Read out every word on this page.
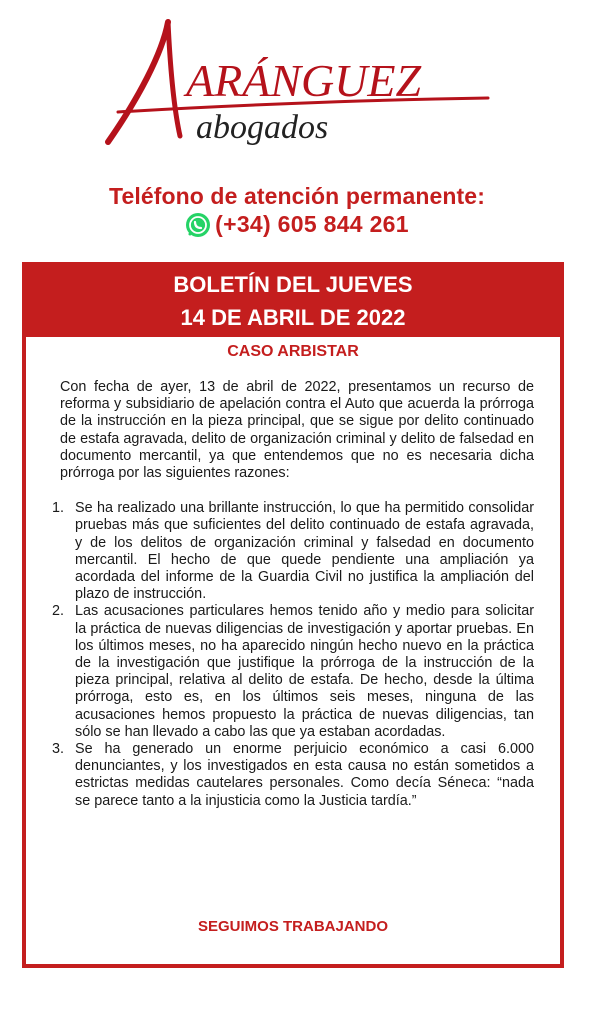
ARÁNGUEZ
abogados
Teléfono de atención permanente:
(+34) 605 844 261
BOLETÍN DEL JUEVES
14 DE ABRIL DE 2022
CASO ARBISTAR

Con fecha de ayer, 13 de abril de 2022, presentamos un recurso de reforma y subsidiario de apelación contra el Auto que acuerda la prórroga de la instrucción en la pieza principal, que se sigue por delito continuado de estafa agravada, delito de organización criminal y delito de falsedad en documento mercantil, ya que entendemos que no es necesaria dicha prórroga por las siguientes razones:

1. Se ha realizado una brillante instrucción, lo que ha permitido consolidar pruebas más que suficientes del delito continuado de estafa agravada, y de los delitos de organización criminal y falsedad en documento mercantil. El hecho de que quede pendiente una ampliación ya acordada del informe de la Guardia Civil no justifica la ampliación del plazo de instrucción.
2. Las acusaciones particulares hemos tenido año y medio para solicitar la práctica de nuevas diligencias de investigación y aportar pruebas. En los últimos meses, no ha aparecido ningún hecho nuevo en la práctica de la investigación que justifique la prórroga de la instrucción de la pieza principal, relativa al delito de estafa. De hecho, desde la última prórroga, esto es, en los últimos seis meses, ninguna de las acusaciones hemos propuesto la práctica de nuevas diligencias, tan sólo se han llevado a cabo las que ya estaban acordadas.
3. Se ha generado un enorme perjuicio económico a casi 6.000 denunciantes, y los investigados en esta causa no están sometidos a estrictas medidas cautelares personales. Como decía Séneca: “nada se parece tanto a la injusticia como la Justicia tardía.”
SEGUIMOS TRABAJANDO
